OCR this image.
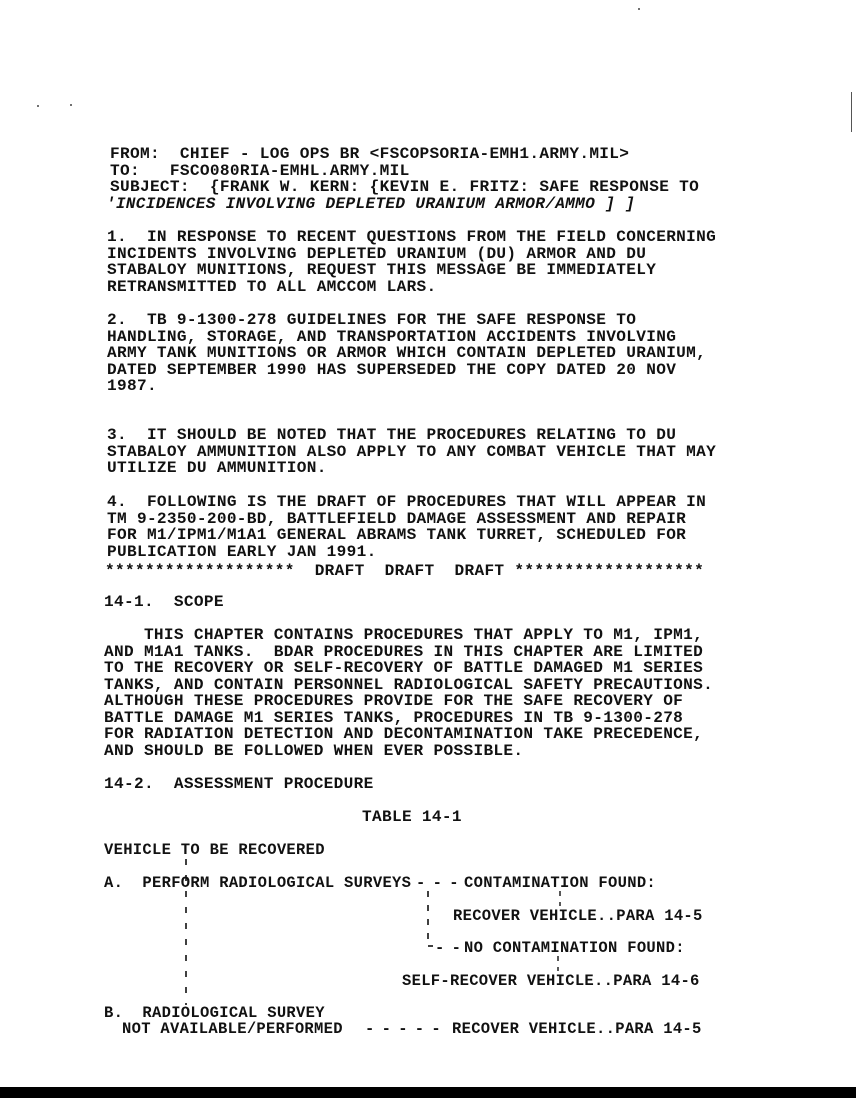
FROM: CHIEF - LOG OPS BR <FSCOPSORIA-EMH1.ARMY.MIL>
TO: FSCO080RIA-EMHL.ARMY.MIL
SUBJECT: {FRANK W. KERN: {KEVIN E. FRITZ: SAFE RESPONSE TO
'INCIDENCES INVOLVING DEPLETED URANIUM ARMOR/AMMO ] ]
1.  IN RESPONSE TO RECENT QUESTIONS FROM THE FIELD CONCERNING
INCIDENTS INVOLVING DEPLETED URANIUM (DU) ARMOR AND DU
STABALOY MUNITIONS, REQUEST THIS MESSAGE BE IMMEDIATELY
RETRANSMITTED TO ALL AMCCOM LARS.
2.  TB 9-1300-278 GUIDELINES FOR THE SAFE RESPONSE TO
HANDLING, STORAGE, AND TRANSPORTATION ACCIDENTS INVOLVING
ARMY TANK MUNITIONS OR ARMOR WHICH CONTAIN DEPLETED URANIUM,
DATED SEPTEMBER 1990 HAS SUPERSEDED THE COPY DATED 20 NOV
1987.
3.  IT SHOULD BE NOTED THAT THE PROCEDURES RELATING TO DU
STABALOY AMMUNITION ALSO APPLY TO ANY COMBAT VEHICLE THAT MAY
UTILIZE DU AMMUNITION.
4.  FOLLOWING IS THE DRAFT OF PROCEDURES THAT WILL APPEAR IN
TM 9-2350-200-BD, BATTLEFIELD DAMAGE ASSESSMENT AND REPAIR
FOR M1/IPM1/M1A1 GENERAL ABRAMS TANK TURRET, SCHEDULED FOR
PUBLICATION EARLY JAN 1991.
*******************  DRAFT  DRAFT  DRAFT *******************
14-1.  SCOPE
THIS CHAPTER CONTAINS PROCEDURES THAT APPLY TO M1, IPM1,
AND M1A1 TANKS.  BDAR PROCEDURES IN THIS CHAPTER ARE LIMITED
TO THE RECOVERY OR SELF-RECOVERY OF BATTLE DAMAGED M1 SERIES
TANKS, AND CONTAIN PERSONNEL RADIOLOGICAL SAFETY PRECAUTIONS.
ALTHOUGH THESE PROCEDURES PROVIDE FOR THE SAFE RECOVERY OF
BATTLE DAMAGE M1 SERIES TANKS, PROCEDURES IN TB 9-1300-278
FOR RADIATION DETECTION AND DECONTAMINATION TAKE PRECEDENCE,
AND SHOULD BE FOLLOWED WHEN EVER POSSIBLE.
14-2.  ASSESSMENT PROCEDURE
TABLE 14-1
VEHICLE TO BE RECOVERED
A.  PERFORM RADIOLOGICAL SURVEYS - - - CONTAMINATION FOUND:
RECOVER VEHICLE..PARA 14-5
- - NO CONTAMINATION FOUND:
SELF-RECOVER VEHICLE..PARA 14-6
B.  RADIOLOGICAL SURVEY
NOT AVAILABLE/PERFORMED - - - - - RECOVER VEHICLE..PARA 14-5
